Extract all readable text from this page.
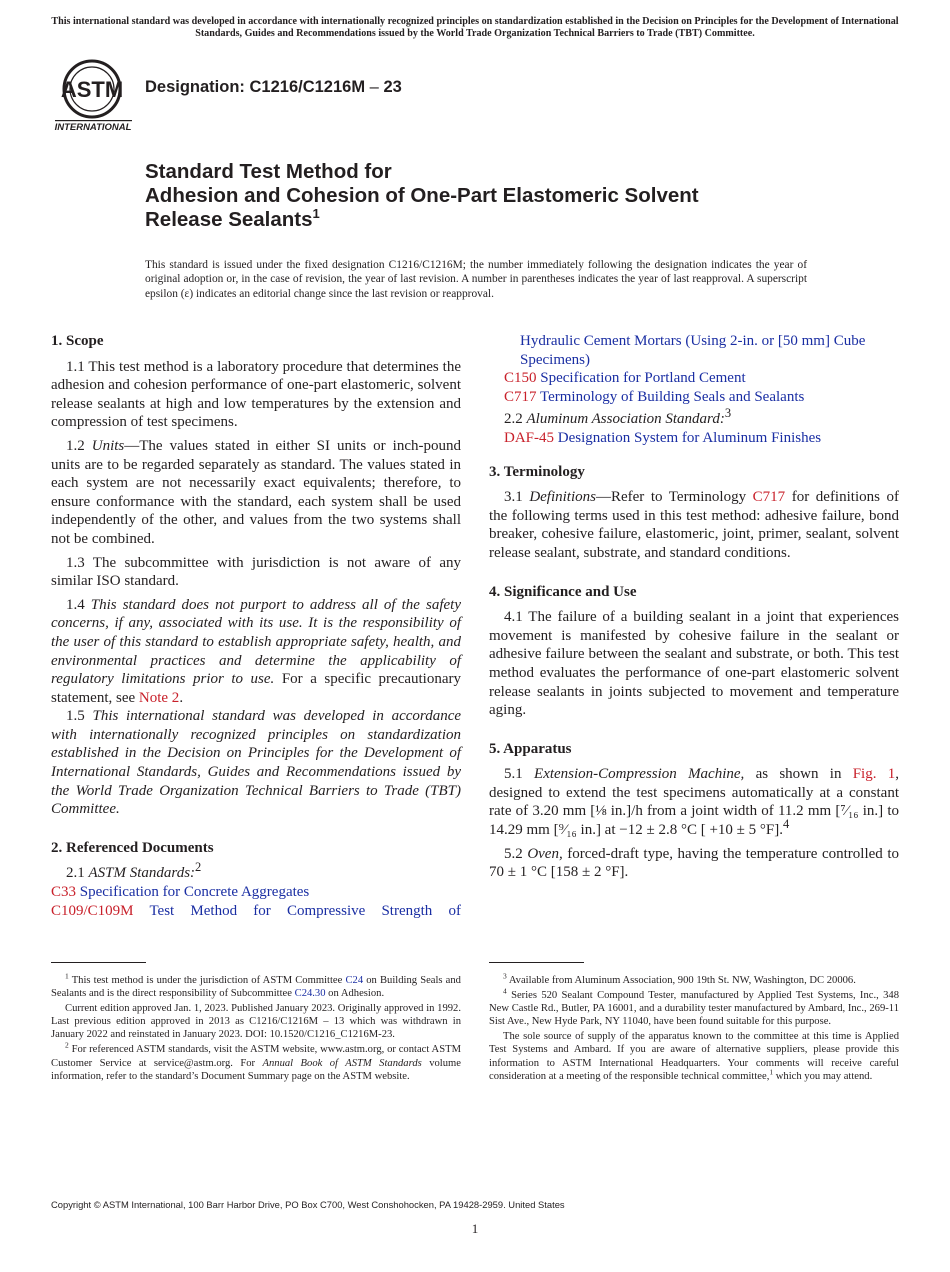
This international standard was developed in accordance with internationally recognized principles on standardization established in the Decision on Principles for the Development of International Standards, Guides and Recommendations issued by the World Trade Organization Technical Barriers to Trade (TBT) Committee.
ASTM
INTERNATIONAL
Designation: C1216/C1216M – 23
Standard Test Method for
Adhesion and Cohesion of One-Part Elastomeric Solvent
Release Sealants$^1$
This standard is issued under the fixed designation C1216/C1216M; the number immediately following the designation indicates the year of original adoption or, in the case of revision, the year of last revision. A number in parentheses indicates the year of last reapproval. A superscript epsilon (ε) indicates an editorial change since the last revision or reapproval.
1. Scope

1.1 This test method is a laboratory procedure that determines the adhesion and cohesion performance of one-part elastomeric, solvent release sealants at high and low temperatures by the extension and compression of test specimens.

1.2 Units—The values stated in either SI units or inch-pound units are to be regarded separately as standard. The values stated in each system are not necessarily exact equivalents; therefore, to ensure conformance with the standard, each system shall be used independently of the other, and values from the two systems shall not be combined.

1.3 The subcommittee with jurisdiction is not aware of any similar ISO standard.

1.4 This standard does not purport to address all of the safety concerns, if any, associated with its use. It is the responsibility of the user of this standard to establish appropriate safety, health, and environmental practices and determine the applicability of regulatory limitations prior to use. For a specific precautionary statement, see Note 2.

1.5 This international standard was developed in accordance with internationally recognized principles on standardization established in the Decision on Principles for the Development of International Standards, Guides and Recommendations issued by the World Trade Organization Technical Barriers to Trade (TBT) Committee.

2. Referenced Documents

2.1 ASTM Standards:$^2$

C33 Specification for Concrete Aggregates

C109/C109M Test Method for Compressive Strength of

Hydraulic Cement Mortars (Using 2-in. or [50 mm] Cube Specimens)

C150 Specification for Portland Cement

C717 Terminology of Building Seals and Sealants

2.2 Aluminum Association Standard:$^3$

DAF-45 Designation System for Aluminum Finishes

3. Terminology

3.1 Definitions—Refer to Terminology C717 for definitions of the following terms used in this test method: adhesive failure, bond breaker, cohesive failure, elastomeric, joint, primer, sealant, solvent release sealant, substrate, and standard conditions.

4. Significance and Use

4.1 The failure of a building sealant in a joint that experiences movement is manifested by cohesive failure in the sealant or adhesive failure between the sealant and substrate, or both. This test method evaluates the performance of one-part elastomeric solvent release sealants in joints subjected to movement and temperature aging.

5. Apparatus

5.1 Extension-Compression Machine, as shown in Fig. 1, designed to extend the test specimens automatically at a constant rate of 3.20 mm [⅛ in.]/h from a joint width of 11.2 mm [⁷⁄₁₆ in.] to 14.29 mm [⁹⁄₁₆ in.] at −12 ± 2.8 °C [ +10 ± 5 °F].$^4$

5.2 Oven, forced-draft type, having the temperature controlled to 70 ± 1 °C [158 ± 2 °F].

$^1$ This test method is under the jurisdiction of ASTM Committee C24 on Building Seals and Sealants and is the direct responsibility of Subcommittee C24.30 on Adhesion.

Current edition approved Jan. 1, 2023. Published January 2023. Originally approved in 1992. Last previous edition approved in 2013 as C1216/C1216M – 13 which was withdrawn in January 2022 and reinstated in January 2023. DOI: 10.1520/C1216_C1216M-23.

$^2$ For referenced ASTM standards, visit the ASTM website, www.astm.org, or contact ASTM Customer Service at service@astm.org. For Annual Book of ASTM Standards volume information, refer to the standard’s Document Summary page on the ASTM website.

$^3$ Available from Aluminum Association, 900 19th St. NW, Washington, DC 20006.

$^4$ Series 520 Sealant Compound Tester, manufactured by Applied Test Systems, Inc., 348 New Castle Rd., Butler, PA 16001, and a durability tester manufactured by Ambard, Inc., 269-11 Sist Ave., New Hyde Park, NY 11040, have been found suitable for this purpose.

The sole source of supply of the apparatus known to the committee at this time is Applied Test Systems and Ambard. If you are aware of alternative suppliers, please provide this information to ASTM International Headquarters. Your comments will receive careful consideration at a meeting of the responsible technical committee,$^1$ which you may attend.

Copyright © ASTM International, 100 Barr Harbor Drive, PO Box C700, West Conshohocken, PA 19428-2959. United States
1
